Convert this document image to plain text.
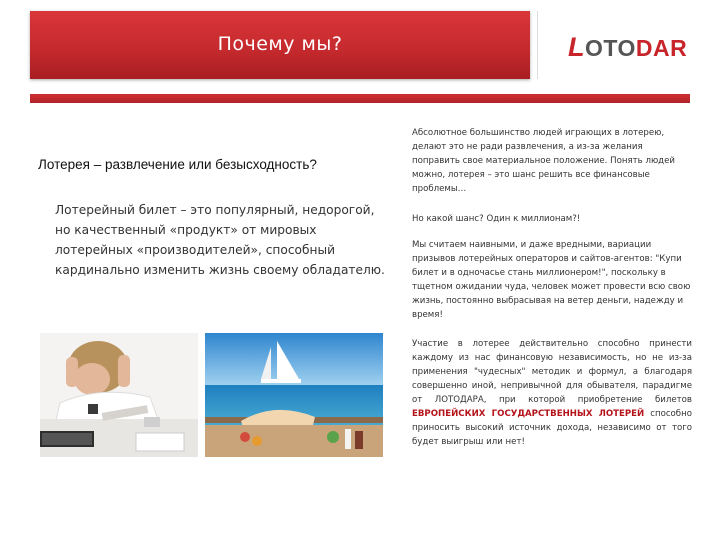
Почему мы?	LOTODAR
Лотерея – развлечение или безысходность?
Лотерейный билет – это популярный, недорогой, но качественный «продукт» от мировых лотерейных «производителей», способный кардинально изменить жизнь своему обладателю.
Абсолютное большинство людей играющих в лотерею, делают это не ради развлечения, а из-за желания поправить свое материальное положение. Понять людей можно, лотерея – это шанс решить все финансовые проблемы…
Но какой шанс? Один к миллионам?!
Мы считаем наивными, и даже вредными, вариации призывов лотерейных операторов и сайтов-агентов: "Купи билет и в одночасье стань миллионером!", поскольку в тщетном ожидании чуда, человек может провести всю свою жизнь, постоянно выбрасывая на ветер деньги, надежду и время!
Участие в лотерее действительно способно принести каждому из нас финансовую независимость, но не из-за применения "чудесных" методик и формул, а благодаря совершенно иной, непривычной для обывателя, парадигме от ЛОТОДАРА, при которой приобретение билетов ЕВРОПЕЙСКИХ ГОСУДАРСТВЕННЫХ ЛОТЕРЕЙ способно приносить высокий источник дохода, независимо от того будет выигрыш или нет!
